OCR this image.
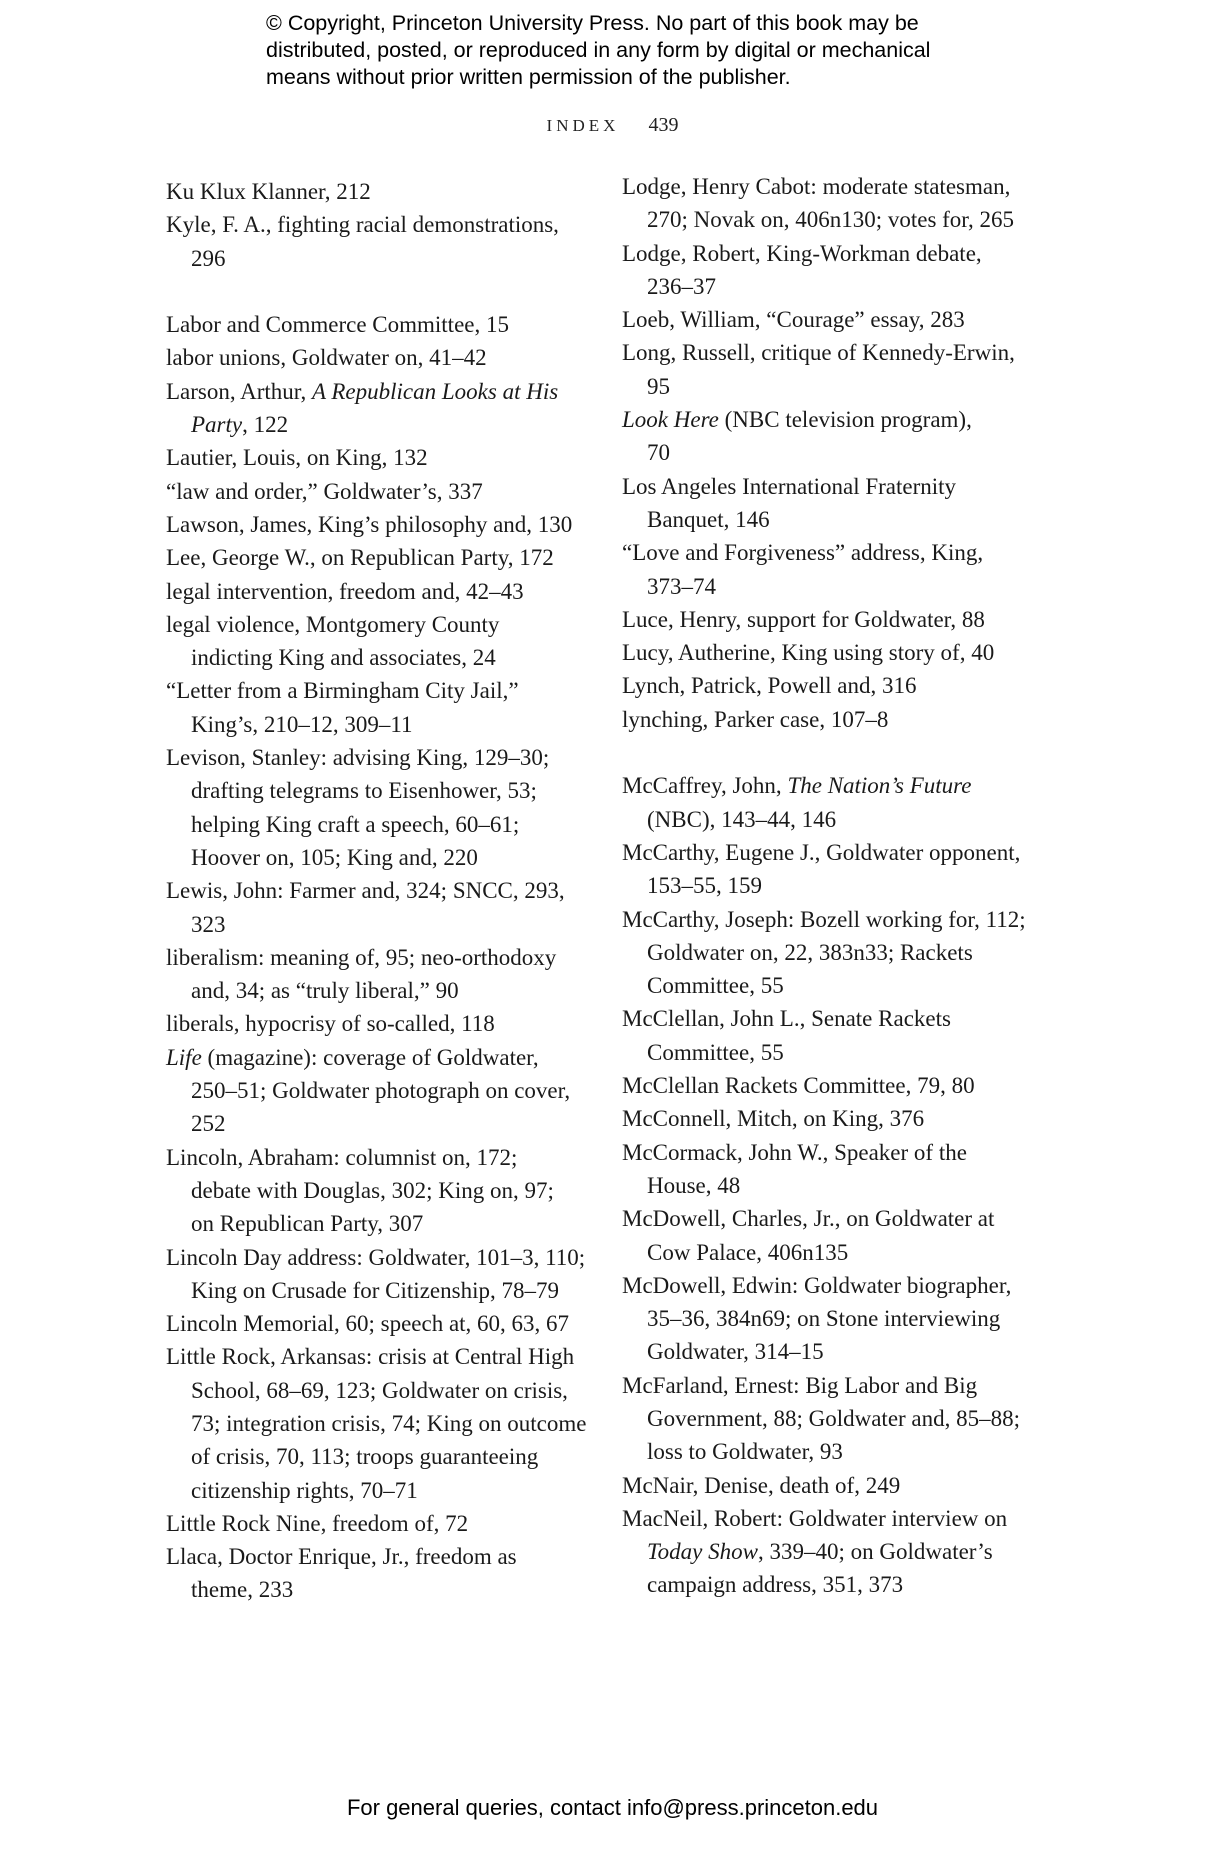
© Copyright, Princeton University Press. No part of this book may be
distributed, posted, or reproduced in any form by digital or mechanical
means without prior written permission of the publisher.
INDEX 439
Ku Klux Klanner, 212
Kyle, F. A., fighting racial demonstrations,
296
Labor and Commerce Committee, 15
labor unions, Goldwater on, 41–42
Larson, Arthur, A Republican Looks at His
Party, 122
Lautier, Louis, on King, 132
“law and order,” Goldwater’s, 337
Lawson, James, King’s philosophy and, 130
Lee, George W., on Republican Party, 172
legal intervention, freedom and, 42–43
legal violence, Montgomery County
indicting King and associates, 24
“Letter from a Birmingham City Jail,”
King’s, 210–12, 309–11
Levison, Stanley: advising King, 129–30;
drafting telegrams to Eisenhower, 53;
helping King craft a speech, 60–61;
Hoover on, 105; King and, 220
Lewis, John: Farmer and, 324; SNCC, 293,
323
liberalism: meaning of, 95; neo-orthodoxy
and, 34; as “truly liberal,” 90
liberals, hypocrisy of so-called, 118
Life (magazine): coverage of Goldwater,
250–51; Goldwater photograph on cover,
252
Lincoln, Abraham: columnist on, 172;
debate with Douglas, 302; King on, 97;
on Republican Party, 307
Lincoln Day address: Goldwater, 101–3, 110;
King on Crusade for Citizenship, 78–79
Lincoln Memorial, 60; speech at, 60, 63, 67
Little Rock, Arkansas: crisis at Central High
School, 68–69, 123; Goldwater on crisis,
73; integration crisis, 74; King on outcome
of crisis, 70, 113; troops guaranteeing
citizenship rights, 70–71
Little Rock Nine, freedom of, 72
Llaca, Doctor Enrique, Jr., freedom as
theme, 233
Lodge, Henry Cabot: moderate statesman,
270; Novak on, 406n130; votes for, 265
Lodge, Robert, King-Workman debate,
236–37
Loeb, William, “Courage” essay, 283
Long, Russell, critique of Kennedy-Erwin,
95
Look Here (NBC television program),
70
Los Angeles International Fraternity
Banquet, 146
“Love and Forgiveness” address, King,
373–74
Luce, Henry, support for Goldwater, 88
Lucy, Autherine, King using story of, 40
Lynch, Patrick, Powell and, 316
lynching, Parker case, 107–8
McCaffrey, John, The Nation’s Future
(NBC), 143–44, 146
McCarthy, Eugene J., Goldwater opponent,
153–55, 159
McCarthy, Joseph: Bozell working for, 112;
Goldwater on, 22, 383n33; Rackets
Committee, 55
McClellan, John L., Senate Rackets
Committee, 55
McClellan Rackets Committee, 79, 80
McConnell, Mitch, on King, 376
McCormack, John W., Speaker of the
House, 48
McDowell, Charles, Jr., on Goldwater at
Cow Palace, 406n135
McDowell, Edwin: Goldwater biographer,
35–36, 384n69; on Stone interviewing
Goldwater, 314–15
McFarland, Ernest: Big Labor and Big
Government, 88; Goldwater and, 85–88;
loss to Goldwater, 93
McNair, Denise, death of, 249
MacNeil, Robert: Goldwater interview on
Today Show, 339–40; on Goldwater’s
campaign address, 351, 373
For general queries, contact info@press.princeton.edu
